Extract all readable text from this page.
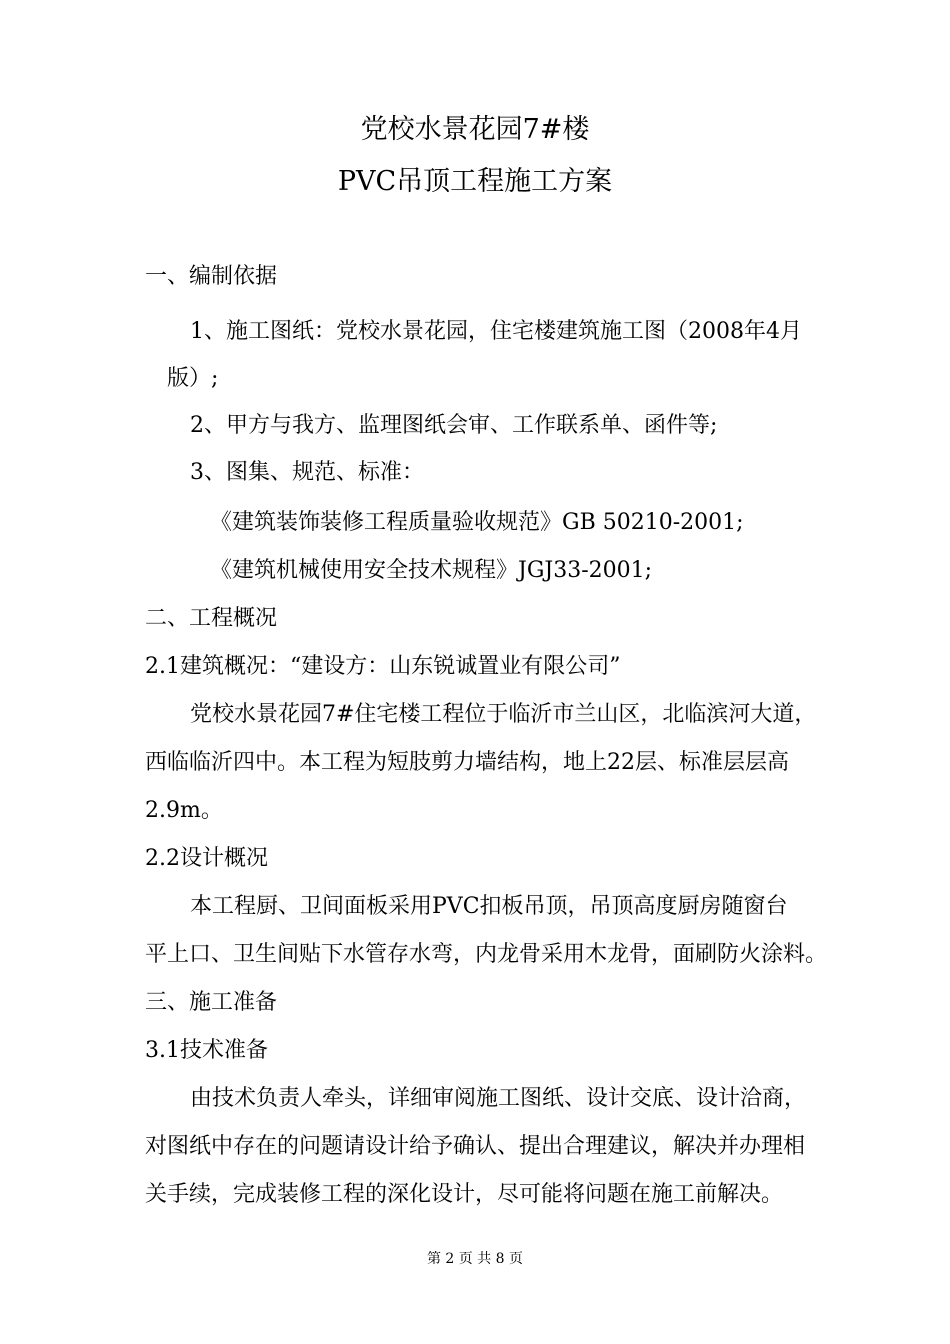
党校水景花园7#楼
PVC吊顶工程施工方案
一、编制依据
1、施工图纸：党校水景花园，住宅楼建筑施工图（2008年4月
版）;
2、甲方与我方、监理图纸会审、工作联系单、函件等;
3、图集、规范、标准：
《建筑装饰装修工程质量验收规范》GB 50210-2001;
《建筑机械使用安全技术规程》JGJ33-2001;
二、工程概况
2.1建筑概况：“建设方：山东锐诚置业有限公司”
党校水景花园7#住宅楼工程位于临沂市兰山区，北临滨河大道，
西临临沂四中。本工程为短肢剪力墙结构，地上22层、标准层层高
2.9m。
2.2设计概况
本工程厨、卫间面板采用PVC扣板吊顶，吊顶高度厨房随窗台
平上口、卫生间贴下水管存水弯，内龙骨采用木龙骨，面刷防火涂料。
三、施工准备
3.1技术准备
由技术负责人牵头，详细审阅施工图纸、设计交底、设计洽商，
对图纸中存在的问题请设计给予确认、提出合理建议，解决并办理相
关手续，完成装修工程的深化设计，尽可能将问题在施工前解决。
第 2 页 共 8 页
